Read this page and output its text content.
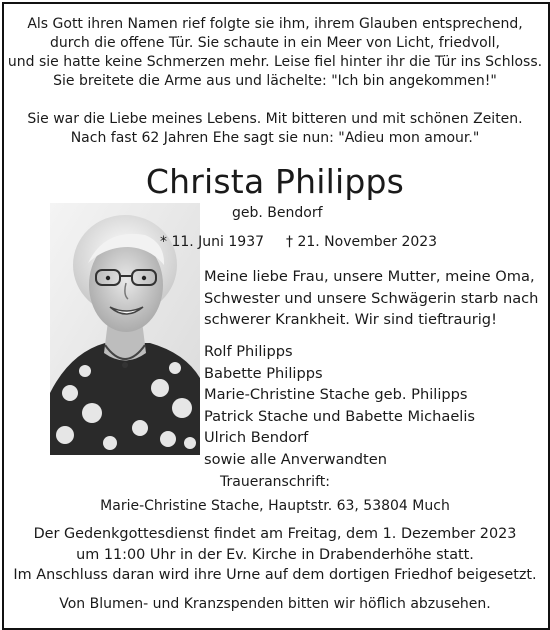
Als Gott ihren Namen rief folgte sie ihm, ihrem Glauben entsprechend,
durch die offene Tür. Sie schaute in ein Meer von Licht, friedvoll,
und sie hatte keine Schmerzen mehr. Leise fiel hinter ihr die Tür ins Schloss.
Sie breitete die Arme aus und lächelte: "Ich bin angekommen!"
Sie war die Liebe meines Lebens. Mit bitteren und mit schönen Zeiten.
Nach fast 62 Jahren Ehe sagt sie nun: "Adieu mon amour."
Christa Philipps
geb. Bendorf
* 11. Juni 1937 † 21. November 2023
Meine liebe Frau, unsere Mutter, meine Oma,
Schwester und unsere Schwägerin starb nach
schwerer Krankheit. Wir sind tieftraurig!
Rolf Philipps
Babette Philipps
Marie-Christine Stache geb. Philipps
Patrick Stache und Babette Michaelis
Ulrich Bendorf
sowie alle Anverwandten
Traueranschrift:
Marie-Christine Stache, Hauptstr. 63, 53804 Much
Der Gedenkgottesdienst findet am Freitag, dem 1. Dezember 2023
um 11:00 Uhr in der Ev. Kirche in Drabenderhöhe statt.
Im Anschluss daran wird ihre Urne auf dem dortigen Friedhof beigesetzt.
Von Blumen- und Kranzspenden bitten wir höflich abzusehen.
